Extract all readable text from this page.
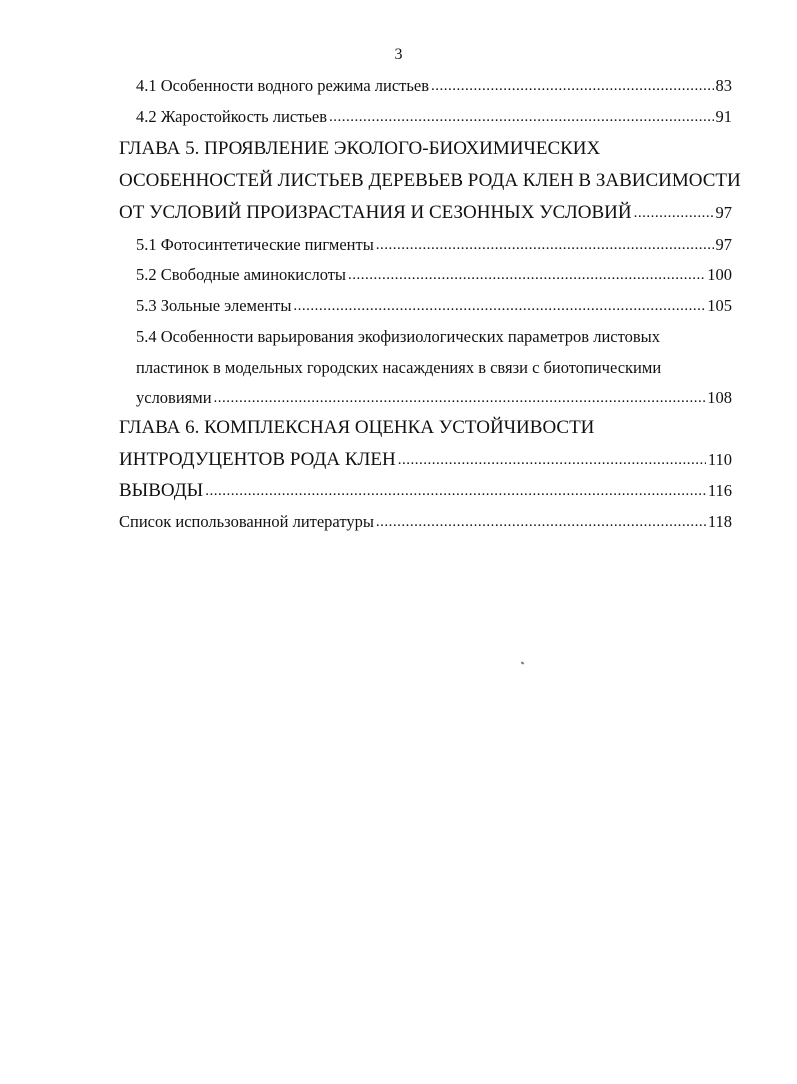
3
4.1 Особенности водного режима листьев .....	83
4.2 Жаростойкость листьев .....	91
ГЛАВА 5. ПРОЯВЛЕНИЕ ЭКОЛОГО-БИОХИМИЧЕСКИХ
ОСОБЕННОСТЕЙ ЛИСТЬЕВ ДЕРЕВЬЕВ РОДА КЛЕН В ЗАВИСИМОСТИ
ОТ УСЛОВИЙ ПРОИЗРАСТАНИЯ И СЕЗОННЫХ УСЛОВИЙ .....	97
5.1 Фотосинтетические пигменты .....	97
5.2 Свободные аминокислоты .....	100
5.3 Зольные элементы .....	105
5.4 Особенности варьирования экофизиологических параметров листовых
пластинок в модельных городских насаждениях в связи с биотопическими
условиями .....	108
ГЛАВА 6. КОМПЛЕКСНАЯ ОЦЕНКА УСТОЙЧИВОСТИ
ИНТРОДУЦЕНТОВ РОДА КЛЕН .....	110
ВЫВОДЫ .....	116
Список использованной литературы .....	118
